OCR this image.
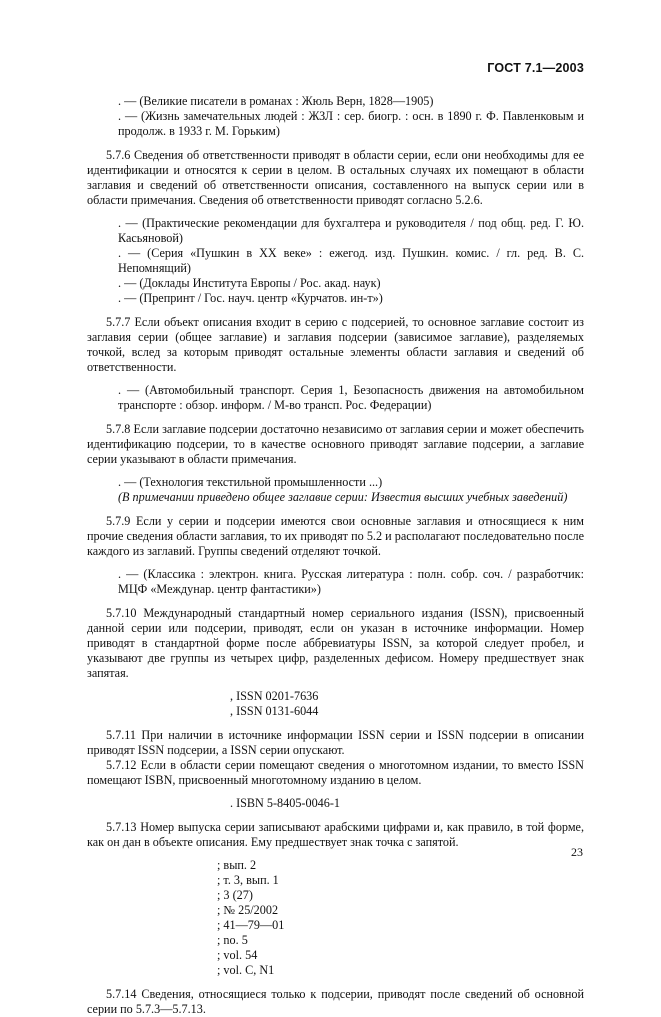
ГОСТ 7.1—2003

. — (Великие писатели в романах : Жюль Верн, 1828—1905)

. — (Жизнь замечательных людей : ЖЗЛ : сер. биогр. : осн. в 1890 г. Ф. Павленковым и продолж. в 1933 г. М. Горьким)

5.7.6 Сведения об ответственности приводят в области серии, если они необходимы для ее идентификации и относятся к серии в целом. В остальных случаях их помещают в области заглавия и сведений об ответственности описания, составленного на выпуск серии или в области примечания. Сведения об ответственности приводят согласно 5.2.6.

. — (Практические рекомендации для бухгалтера и руководителя / под общ. ред. Г. Ю. Касьяновой)

. — (Серия «Пушкин в XX веке» : ежегод. изд. Пушкин. комис. / гл. ред. В. С. Непомнящий)

. — (Доклады Института Европы / Рос. акад. наук)

. — (Препринт / Гос. науч. центр «Курчатов. ин-т»)

5.7.7 Если объект описания входит в серию с подсерией, то основное заглавие состоит из заглавия серии (общее заглавие) и заглавия подсерии (зависимое заглавие), разделяемых точкой, вслед за которым приводят остальные элементы области заглавия и сведений об ответственности.

. — (Автомобильный транспорт. Серия 1, Безопасность движения на автомобильном транспорте : обзор. информ. / М-во трансп. Рос. Федерации)

5.7.8 Если заглавие подсерии достаточно независимо от заглавия серии и может обеспечить идентификацию подсерии, то в качестве основного приводят заглавие подсерии, а заглавие серии указывают в области примечания.

. — (Технология текстильной промышленности ...)

(В примечании приведено общее заглавие серии: Известия высших учебных заведений)

5.7.9 Если у серии и подсерии имеются свои основные заглавия и относящиеся к ним прочие сведения области заглавия, то их приводят по 5.2 и располагают последовательно после каждого из заглавий. Группы сведений отделяют точкой.

. — (Классика : электрон. книга. Русская литература : полн. собр. соч. / разработчик: МЦФ «Междунар. центр фантастики»)

5.7.10 Международный стандартный номер сериального издания (ISSN), присвоенный данной серии или подсерии, приводят, если он указан в источнике информации. Номер приводят в стандартной форме после аббревиатуры ISSN, за которой следует пробел, и указывают две группы из четырех цифр, разделенных дефисом. Номеру предшествует знак запятая.

, ISSN 0201-7636

, ISSN 0131-6044

5.7.11 При наличии в источнике информации ISSN серии и ISSN подсерии в описании приводят ISSN подсерии, а ISSN серии опускают.

5.7.12 Если в области серии помещают сведения о многотомном издании, то вместо ISSN помещают ISBN, присвоенный многотомному изданию в целом.

. ISBN 5-8405-0046-1

5.7.13 Номер выпуска серии записывают арабскими цифрами и, как правило, в той форме, как он дан в объекте описания. Ему предшествует знак точка с запятой.

; вып. 2

; т. 3, вып. 1

; 3 (27)

; № 25/2002

; 41—79—01

; no. 5

; vol. 54

; vol. C, N1

5.7.14 Сведения, относящиеся только к подсерии, приводят после сведений об основной серии по 5.7.3—5.7.13.

23
